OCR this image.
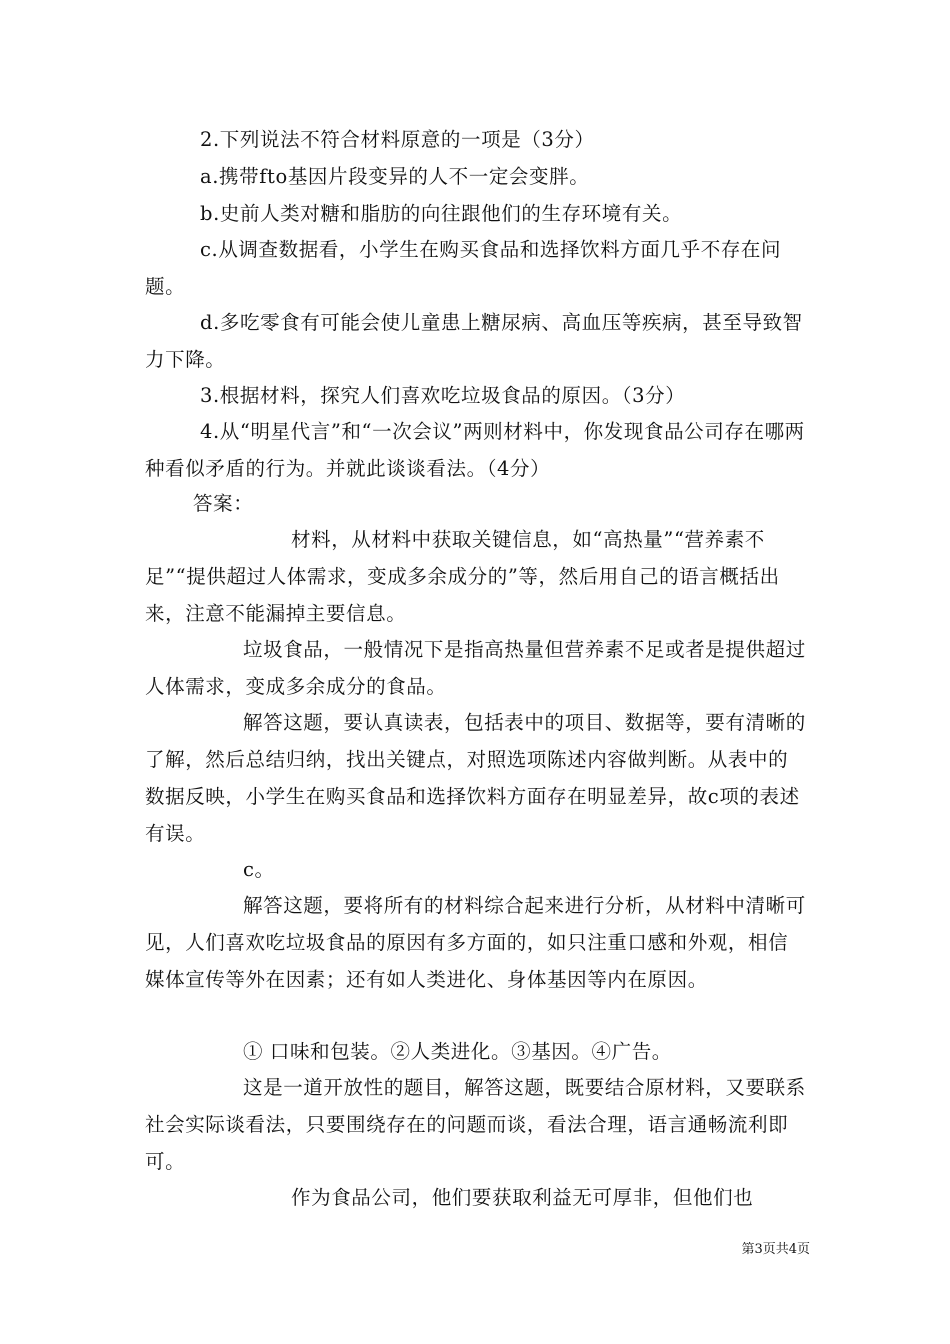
2.下列说法不符合材料原意的一项是（3分）

a.携带fto基因片段变异的人不一定会变胖。

b.史前人类对糖和脂肪的向往跟他们的生存环境有关。

c.从调查数据看，小学生在购买食品和选择饮料方面几乎不存在问题。

d.多吃零食有可能会使儿童患上糖尿病、高血压等疾病，甚至导致智力下降。

3.根据材料，探究人们喜欢吃垃圾食品的原因。（3分）

4.从“明星代言”和“一次会议”两则材料中，你发现食品公司存在哪两种看似矛盾的行为。并就此谈谈看法。（4分）

答案：

材料，从材料中获取关键信息，如“高热量”“营养素不足”“提供超过人体需求，变成多余成分的”等，然后用自己的语言概括出来，注意不能漏掉主要信息。

垃圾食品，一般情况下是指高热量但营养素不足或者是提供超过人体需求，变成多余成分的食品。

解答这题，要认真读表，包括表中的项目、数据等，要有清晰的了解，然后总结归纳，找出关键点，对照选项陈述内容做判断。从表中的数据反映，小学生在购买食品和选择饮料方面存在明显差异，故c项的表述有误。

c。

解答这题，要将所有的材料综合起来进行分析，从材料中清晰可见，人们喜欢吃垃圾食品的原因有多方面的，如只注重口感和外观，相信媒体宣传等外在因素；还有如人类进化、身体基因等内在原因。

① 口味和包装。②人类进化。③基因。④广告。

这是一道开放性的题目，解答这题，既要结合原材料，又要联系社会实际谈看法，只要围绕存在的问题而谈，看法合理，语言通畅流利即可。

作为食品公司，他们要获取利益无可厚非，但他们也

第3页共4页
